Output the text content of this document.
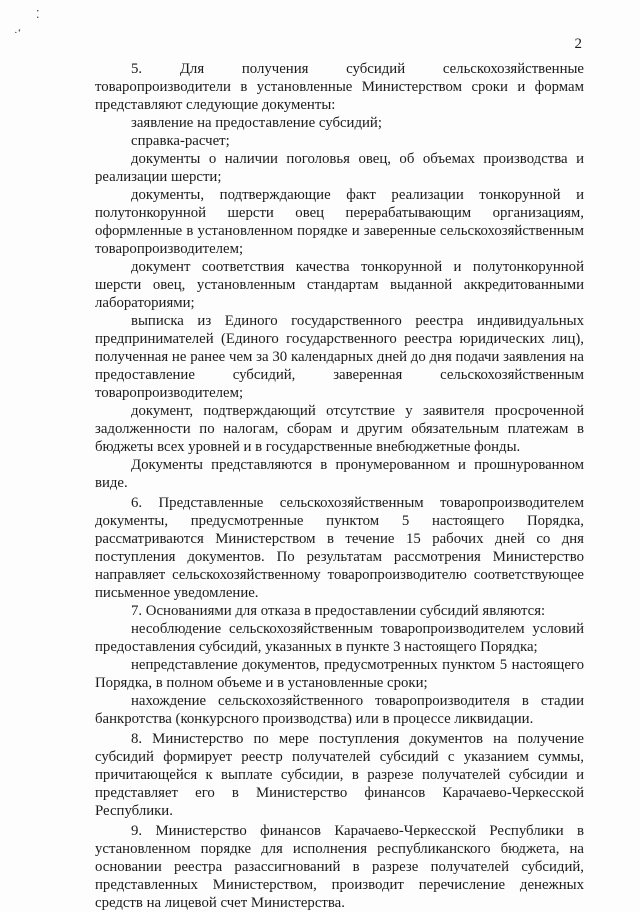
⁚
·‘
2

5. Для получения субсидий сельскохозяйственные товаропроизводители в установленные Министерством сроки и формам представляют следующие документы:

заявление на предоставление субсидий;

справка-расчет;

документы о наличии поголовья овец, об объемах производства и реализации шерсти;

документы, подтверждающие факт реализации тонкорунной и полутонкорунной шерсти овец перерабатывающим организациям, оформленные в установленном порядке и заверенные сельскохозяйственным товаропроизводителем;

документ соответствия качества тонкорунной и полутонкорунной шерсти овец, установленным стандартам выданной аккредитованными лабораториями;

выписка из Единого государственного реестра индивидуальных предпринимателей (Единого государственного реестра юридических лиц), полученная не ранее чем за 30 календарных дней до дня подачи заявления на предоставление субсидий, заверенная сельскохозяйственным товаропроизводителем;

документ, подтверждающий отсутствие у заявителя просроченной задолженности по налогам, сборам и другим обязательным платежам в бюджеты всех уровней и в государственные внебюджетные фонды.

Документы представляются в пронумерованном и прошнурованном виде.

6. Представленные сельскохозяйственным товаропроизводителем документы, предусмотренные пунктом 5 настоящего Порядка, рассматриваются Министерством в течение 15 рабочих дней со дня поступления документов. По результатам рассмотрения Министерство направляет сельскохозяйственному товаропроизводителю соответствующее письменное уведомление.

7. Основаниями для отказа в предоставлении субсидий являются:

несоблюдение сельскохозяйственным товаропроизводителем условий предоставления субсидий, указанных в пункте 3 настоящего Порядка;

непредставление документов, предусмотренных пунктом 5 настоящего Порядка, в полном объеме и в установленные сроки;

нахождение сельскохозяйственного товаропроизводителя в стадии банкротства (конкурсного производства) или в процессе ликвидации.

8. Министерство по мере поступления документов на получение субсидий формирует реестр получателей субсидий с указанием суммы, причитающейся к выплате субсидии, в разрезе получателей субсидии и представляет его в Министерство финансов Карачаево-Черкесской Республики.

9. Министерство финансов Карачаево-Черкесской Республики в установленном порядке для исполнения республиканского бюджета, на основании реестра разассигнований в разрезе получателей субсидий, представленных Министерством, производит перечисление денежных средств на лицевой счет Министерства.
